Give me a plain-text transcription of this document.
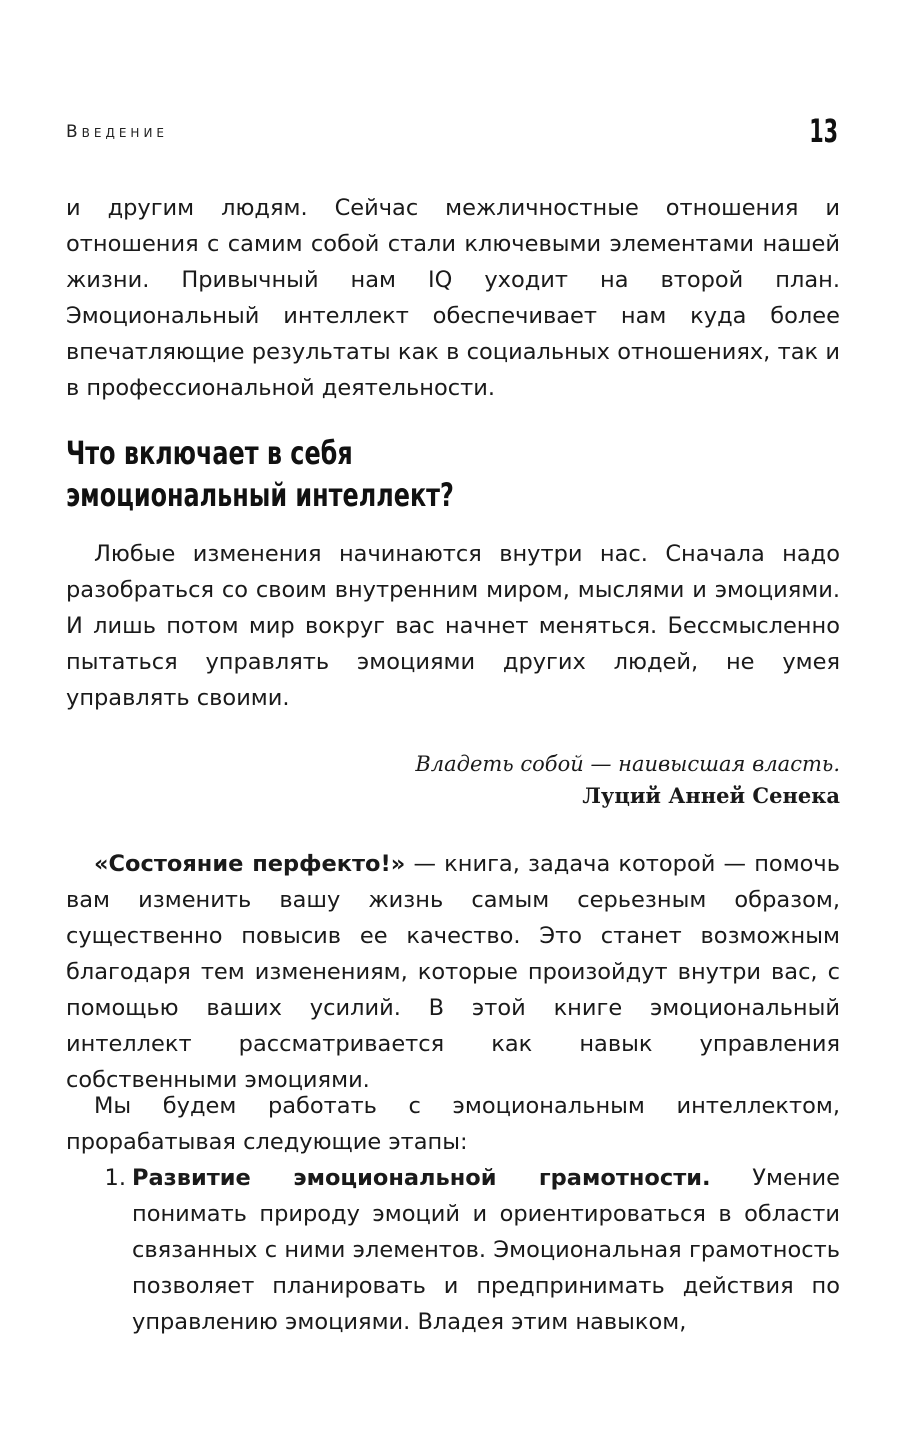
Введение	13

и другим людям. Сейчас межличностные отношения и отношения с самим собой стали ключевыми элементами нашей жизни. Привычный нам IQ уходит на второй план. Эмоциональный интеллект обеспечивает нам куда более впечатляющие результаты как в социальных отношениях, так и в профессиональной деятельности.

Что включает в себя
эмоциональный интеллект?

Любые изменения начинаются внутри нас. Сначала надо разобраться со своим внутренним миром, мыслями и эмоциями. И лишь потом мир вокруг вас начнет меняться. Бессмысленно пытаться управлять эмоциями других людей, не умея управлять своими.

Владеть собой — наивысшая власть.
Луций Анней Сенека

«Состояние перфекто!» — книга, задача которой — помочь вам изменить вашу жизнь самым серьезным образом, существенно повысив ее качество. Это станет возможным благодаря тем изменениям, которые произойдут внутри вас, с помощью ваших усилий. В этой книге эмоциональный интеллект рассматривается как навык управления собственными эмоциями.

Мы будем работать с эмоциональным интеллектом, прорабатывая следующие этапы:

1. Развитие эмоциональной грамотности. Умение понимать природу эмоций и ориентироваться в области связанных с ними элементов. Эмоциональная грамотность позволяет планировать и предпринимать действия по управлению эмоциями. Владея этим навыком,
